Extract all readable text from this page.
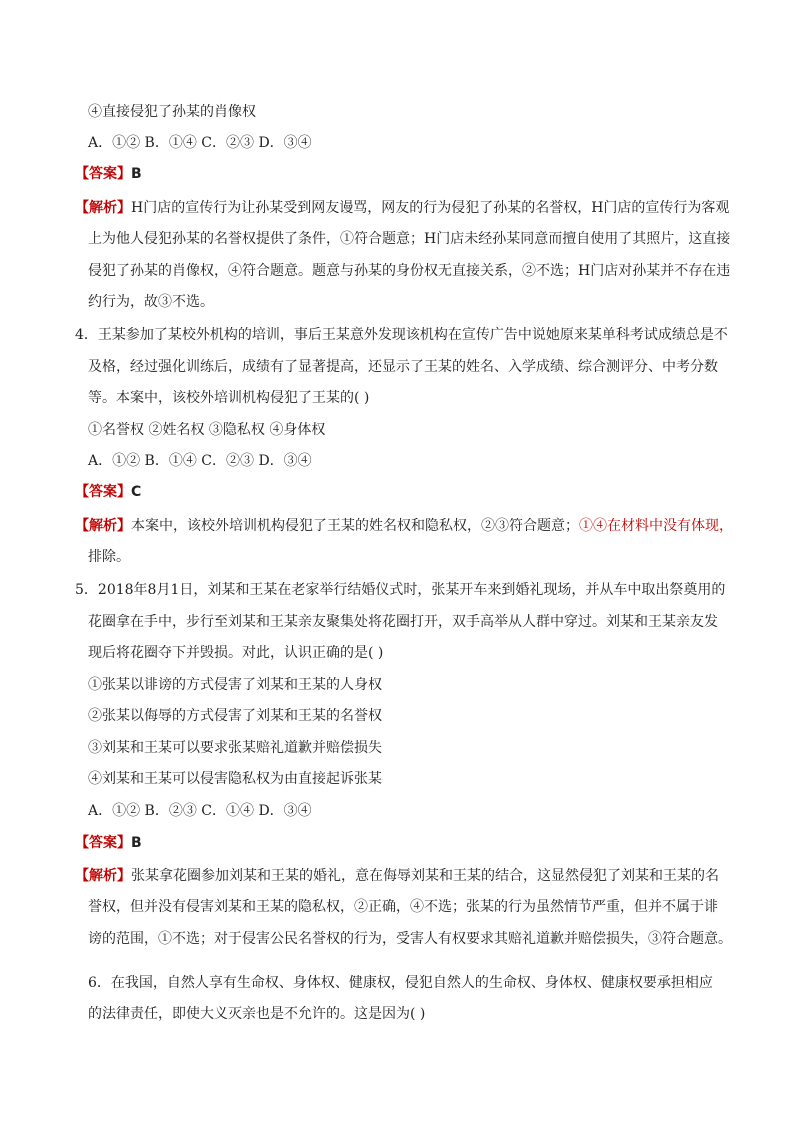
④直接侵犯了孙某的肖像权
A．①② B．①④ C．②③ D．③④
【答案】B
【解析】H门店的宣传行为让孙某受到网友谩骂，网友的行为侵犯了孙某的名誉权，H门店的宣传行为客观
上为他人侵犯孙某的名誉权提供了条件，①符合题意；H门店未经孙某同意而擅自使用了其照片，这直接
侵犯了孙某的肖像权，④符合题意。题意与孙某的身份权无直接关系，②不选；H门店对孙某并不存在违
约行为，故③不选。
4．王某参加了某校外机构的培训，事后王某意外发现该机构在宣传广告中说她原来某单科考试成绩总是不
及格，经过强化训练后，成绩有了显著提高，还显示了王某的姓名、入学成绩、综合测评分、中考分数
等。本案中，该校外培训机构侵犯了王某的( )
①名誉权 ②姓名权 ③隐私权 ④身体权
A．①② B．①④ C．②③ D．③④
【答案】C
【解析】本案中，该校外培训机构侵犯了王某的姓名权和隐私权，②③符合题意；①④在材料中没有体现，
排除。
5．2018年8月1日，刘某和王某在老家举行结婚仪式时，张某开车来到婚礼现场，并从车中取出祭奠用的
花圈拿在手中，步行至刘某和王某亲友聚集处将花圈打开，双手高举从人群中穿过。刘某和王某亲友发
现后将花圈夺下并毁损。对此，认识正确的是( )
①张某以诽谤的方式侵害了刘某和王某的人身权
②张某以侮辱的方式侵害了刘某和王某的名誉权
③刘某和王某可以要求张某赔礼道歉并赔偿损失
④刘某和王某可以侵害隐私权为由直接起诉张某
A．①② B．②③ C．①④ D．③④
【答案】B
【解析】张某拿花圈参加刘某和王某的婚礼，意在侮辱刘某和王某的结合，这显然侵犯了刘某和王某的名
誉权，但并没有侵害刘某和王某的隐私权，②正确，④不选；张某的行为虽然情节严重，但并不属于诽
谤的范围，①不选；对于侵害公民名誉权的行为，受害人有权要求其赔礼道歉并赔偿损失，③符合题意。
6．在我国，自然人享有生命权、身体权、健康权，侵犯自然人的生命权、身体权、健康权要承担相应
的法律责任，即使大义灭亲也是不允许的。这是因为( )
